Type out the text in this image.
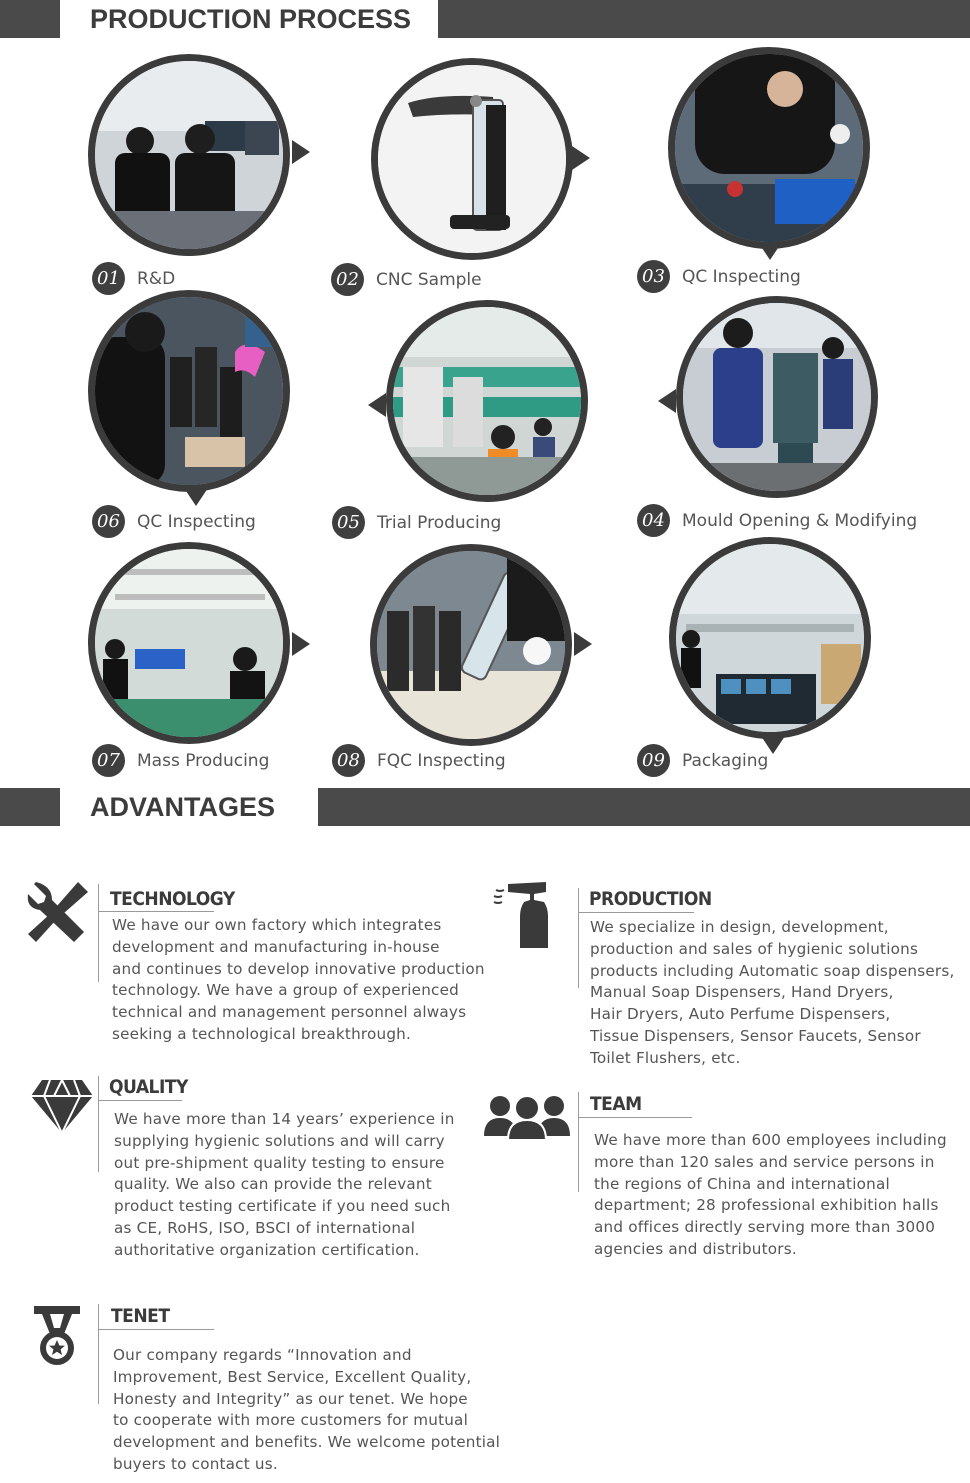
PRODUCTION PROCESS
01 R&D	02 CNC Sample	03 QC Inspecting
06 QC Inspecting	05 Trial Producing	04 Mould Opening & Modifying
07 Mass Producing	08 FQC Inspecting	09 Packaging
ADVANTAGES
TECHNOLOGY
We have our own factory which integrates
development and manufacturing in-house
and continues to develop innovative production
technology. We have a group of experienced
technical and management personnel always
seeking a technological breakthrough.
PRODUCTION
We specialize in design, development,
production and sales of hygienic solutions
products including Automatic soap dispensers,
Manual Soap Dispensers, Hand Dryers,
Hair Dryers, Auto Perfume Dispensers,
Tissue Dispensers, Sensor Faucets, Sensor
Toilet Flushers, etc.
QUALITY
We have more than 14 years’ experience in
supplying hygienic solutions and will carry
out pre-shipment quality testing to ensure
quality. We also can provide the relevant
product testing certificate if you need such
as CE, RoHS, ISO, BSCI of international
authoritative organization certification.
TEAM
We have more than 600 employees including
more than 120 sales and service persons in
the regions of China and international
department; 28 professional exhibition halls
and offices directly serving more than 3000
agencies and distributors.
TENET
Our company regards “Innovation and
Improvement, Best Service, Excellent Quality,
Honesty and Integrity” as our tenet. We hope
to cooperate with more customers for mutual
development and benefits. We welcome potential
buyers to contact us.
